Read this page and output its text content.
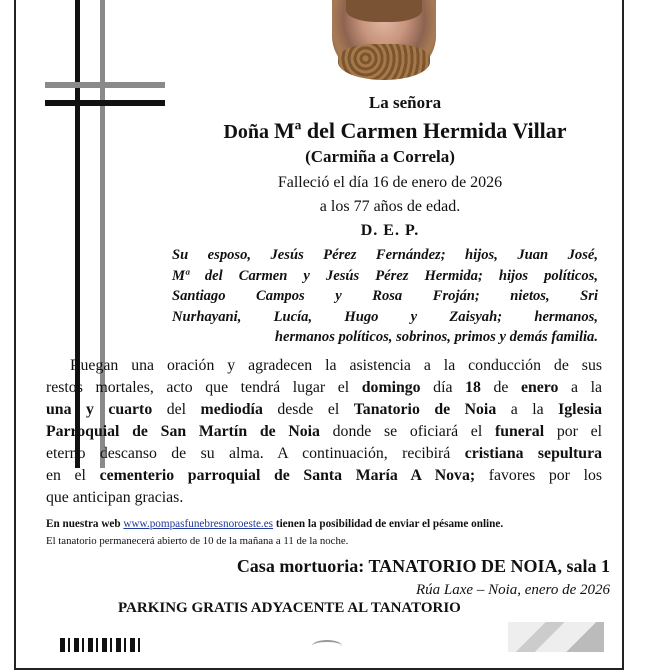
La señora
Doña Mª del Carmen Hermida Villar
(Carmiña a Correla)
Falleció el día 16 de enero de 2026
a los 77 años de edad.
D. E. P.
Su esposo, Jesús Pérez Fernández; hijos, Juan José,
Mª del Carmen y Jesús Pérez Hermida; hijos políticos,
Santiago Campos y Rosa Froján; nietos, Sri
Nurhayani, Lucía, Hugo y Zaisyah; hermanos,
hermanos políticos, sobrinos, primos y demás familia.
Ruegan una oración y agradecen la asistencia a la conducción de sus
restos mortales, acto que tendrá lugar el domingo día 18 de enero a la
una y cuarto del mediodía desde el Tanatorio de Noia a la Iglesia
Parroquial de San Martín de Noia donde se oficiará el funeral por el
eterno descanso de su alma. A continuación, recibirá cristiana sepultura
en el cementerio parroquial de Santa María A Nova; favores por los
que anticipan gracias.
En nuestra web www.pompasfunebresnoroeste.es tienen la posibilidad de enviar el pésame online.
El tanatorio permanecerá abierto de 10 de la mañana a 11 de la noche.
Casa mortuoria: TANATORIO DE NOIA, sala 1
Rúa Laxe – Noia, enero de 2026
PARKING GRATIS ADYACENTE AL TANATORIO
